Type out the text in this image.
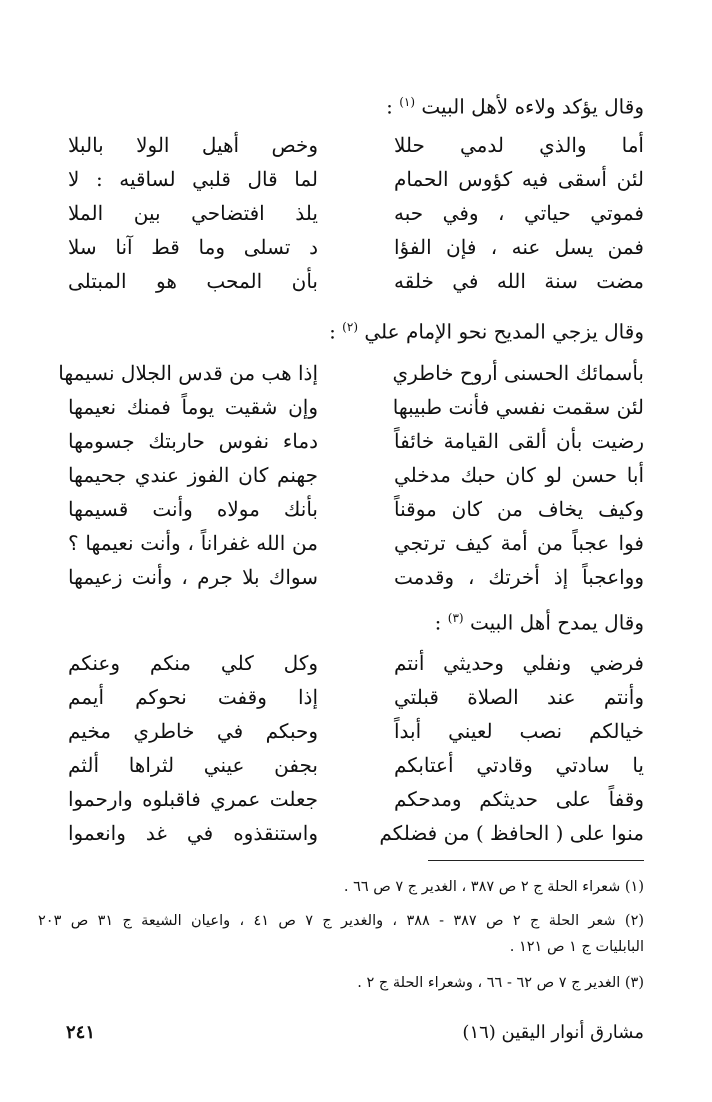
وقال يؤكد ولاءه لأهل البيت $^{(١)}$ :
أما والذي لدمي حللا
وخص أهيل الولا بالبلا
لئن أسقى فيه كؤوس الحمام
لما قال قلبي لساقيه : لا
فموتي حياتي ، وفي حبه
يلذ افتضاحي بين الملا
فمن يسل عنه ، فإن الفؤا
د تسلى وما قط آنا سلا
مضت سنة الله في خلقه
بأن المحب هو المبتلى
وقال يزجي المديح نحو الإمام علي $^{(٢)}$ :
بأسمائك الحسنى أروح خاطري
إذا هب من قدس الجلال نسيمها
لئن سقمت نفسي فأنت طبيبها
وإن شقيت يوماً فمنك نعيمها
رضيت بأن ألقى القيامة خائفاً
دماء نفوس حاربتك جسومها
أبا حسن لو كان حبك مدخلي
جهنم كان الفوز عندي جحيمها
وكيف يخاف من كان موقناً
بأنك مولاه وأنت قسيمها
فوا عجباً من أمة كيف ترتجي
من الله غفراناً ، وأنت نعيمها ؟
وواعجباً إذ أخرتك ، وقدمت
سواك بلا جرم ، وأنت زعيمها
وقال يمدح أهل البيت $^{(٣)}$ :
فرضي ونفلي وحديثي أنتم
وكل كلي منكم وعنكم
وأنتم عند الصلاة قبلتي
إذا وقفت نحوكم أيمم
خيالكم نصب لعيني أبداً
وحبكم في خاطري مخيم
يا سادتي وقادتي أعتابكم
بجفن عيني لثراها ألثم
وقفاً على حديثكم ومدحكم
جعلت عمري فاقبلوه وارحموا
منوا على ( الحافظ ) من فضلكم
واستنقذوه في غد وانعموا
(١) شعراء الحلة ج ٢ ص ٣٨٧ ، الغدير ج ٧ ص ٦٦ .
(٢) شعر الحلة ج ٢ ص ٣٨٧ - ٣٨٨ ، والغدير ج ٧ ص ٤١ ، واعيان الشيعة ج ٣١ ص ٢٠٣
البابليات ج ١ ص ١٢١ .
(٣) الغدير ج ٧ ص ٦٢ - ٦٦ ، وشعراء الحلة ج ٢ .
مشارق أنوار اليقين (١٦)
٢٤١
